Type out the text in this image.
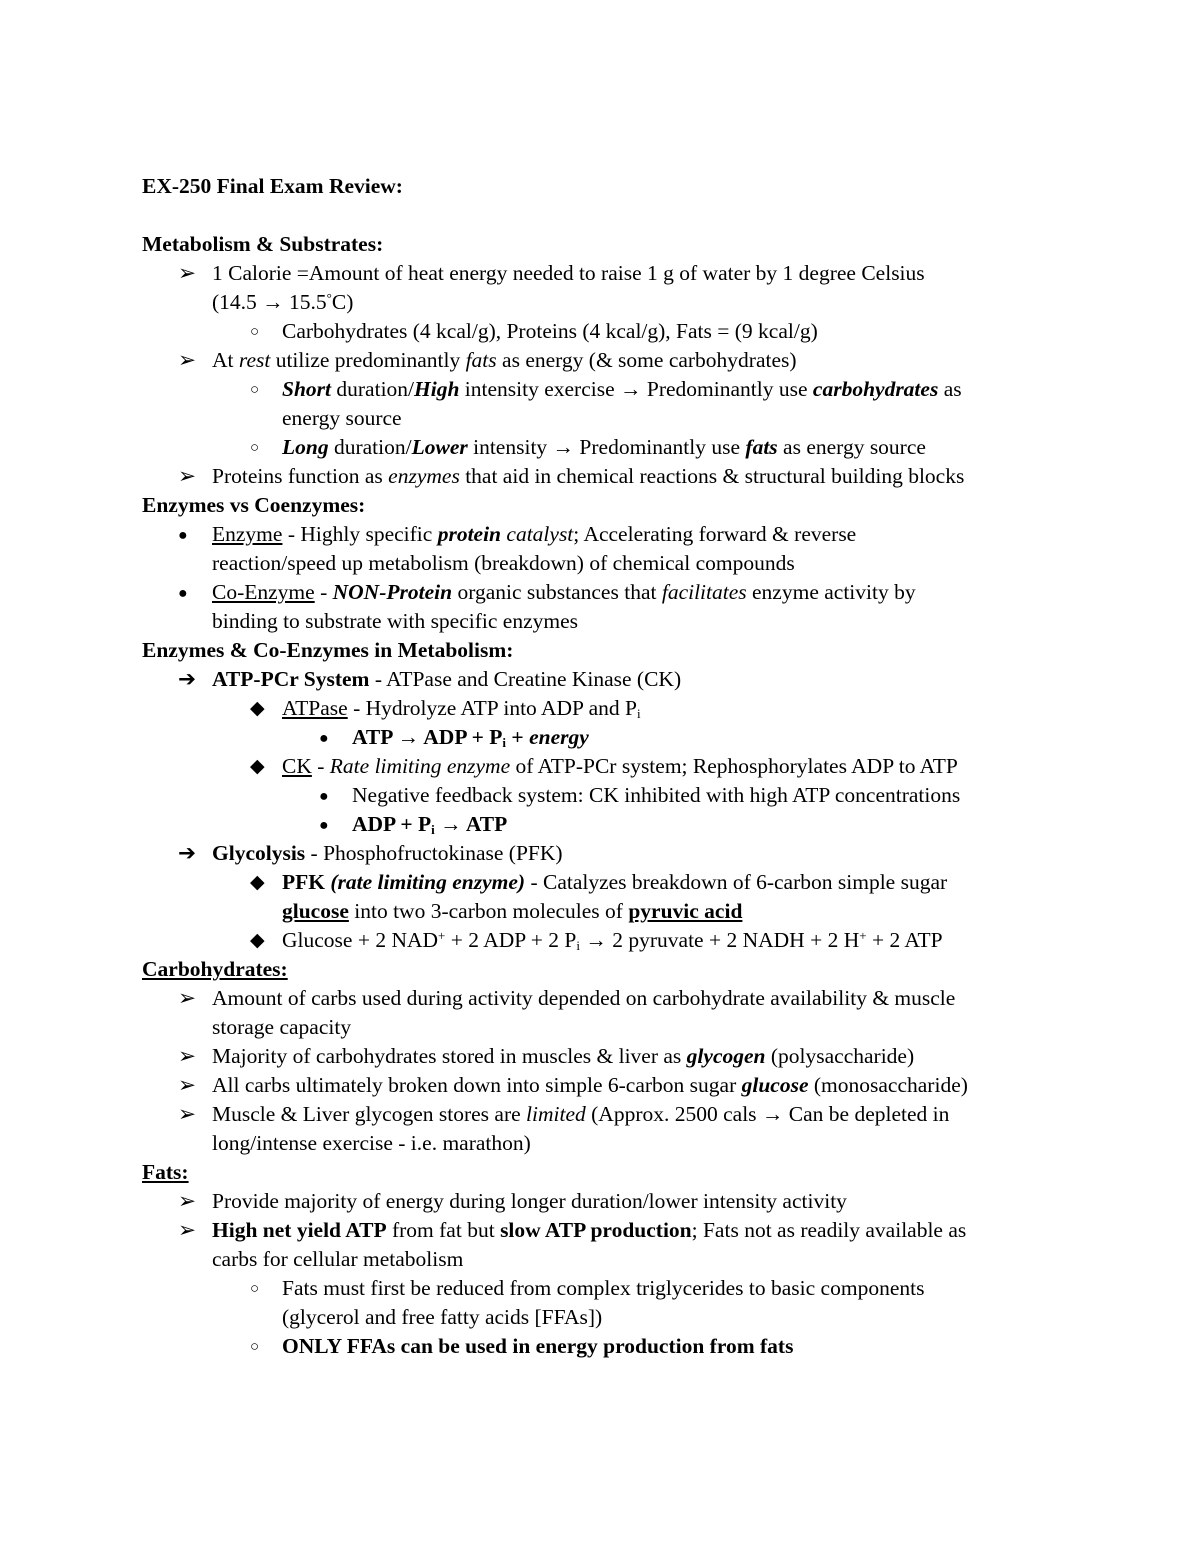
EX-250 Final Exam Review:
Metabolism & Substrates:
➢ 1 Calorie =Amount of heat energy needed to raise 1 g of water by 1 degree Celsius
(14.5 → 15.5°C)
○	Carbohydrates (4 kcal/g), Proteins (4 kcal/g), Fats = (9 kcal/g)
➢ At rest utilize predominantly fats as energy (& some carbohydrates)
○	Short duration/High intensity exercise → Predominantly use carbohydrates as
energy source
○	Long duration/Lower intensity → Predominantly use fats as energy source
➢ Proteins function as enzymes that aid in chemical reactions & structural building blocks
Enzymes vs Coenzymes:
●	Enzyme - Highly specific protein catalyst; Accelerating forward & reverse
reaction/speed up metabolism (breakdown) of chemical compounds
●	Co-Enzyme - NON-Protein organic substances that facilitates enzyme activity by
binding to substrate with specific enzymes
Enzymes & Co-Enzymes in Metabolism:
➔ ATP-PCr System - ATPase and Creatine Kinase (CK)
◆ ATPase - Hydrolyze ATP into ADP and $P_i$
●	ATP → ADP + $P_i$ + energy
◆ CK - Rate limiting enzyme of ATP-PCr system; Rephosphorylates ADP to ATP
●	Negative feedback system: CK inhibited with high ATP concentrations
●	ADP + $P_i$ → ATP
➔ Glycolysis - Phosphofructokinase (PFK)
◆ PFK (rate limiting enzyme) - Catalyzes breakdown of 6-carbon simple sugar
glucose into two 3-carbon molecules of pyruvic acid
◆ Glucose + 2 NAD+ + 2 ADP + 2 $P_i \to 2$ pyruvate + 2 NADH + 2 H+ + 2 ATP
Carbohydrates:
➢ Amount of carbs used during activity depended on carbohydrate availability & muscle
storage capacity
➢ Majority of carbohydrates stored in muscles & liver as glycogen (polysaccharide)
➢ All carbs ultimately broken down into simple 6-carbon sugar glucose (monosaccharide)
➢ Muscle & Liver glycogen stores are limited (Approx. 2500 cals → Can be depleted in
long/intense exercise - i.e. marathon)
Fats:
➢ Provide majority of energy during longer duration/lower intensity activity
➢ High net yield ATP from fat but slow ATP production; Fats not as readily available as
carbs for cellular metabolism
○	Fats must first be reduced from complex triglycerides to basic components
(glycerol and free fatty acids [FFAs])
○	ONLY FFAs can be used in energy production from fats
